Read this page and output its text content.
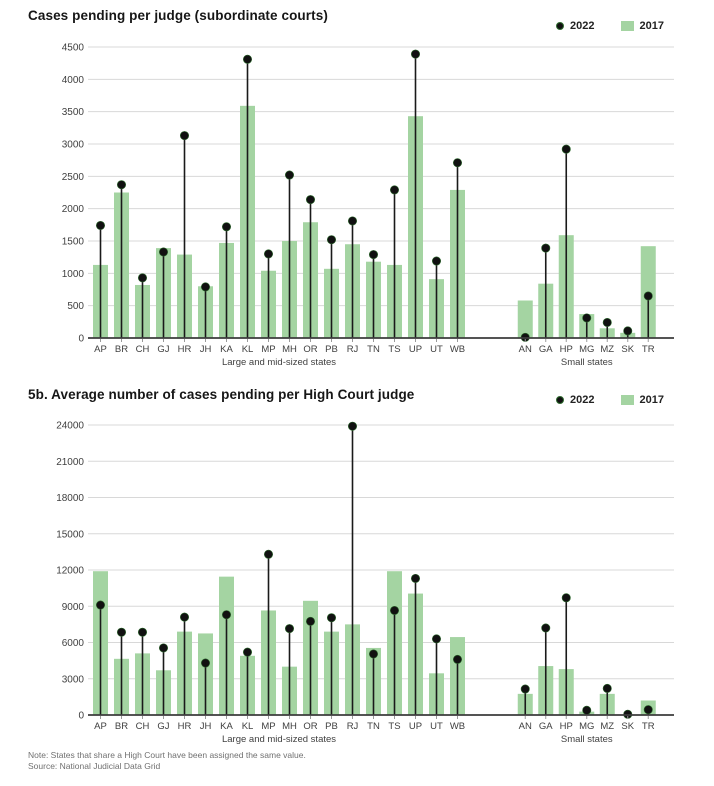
Cases pending per judge (subordinate courts)
2022	2017
0
500
1000
1500
2000
2500
3000
3500
4000
4500
AP BR CH GJ HR JH KA KL MP MH OR PB RJ TN TS UP UT WB
Large and mid-sized states
AN GA HP MG MZ SK TR
Small states
5b. Average number of cases pending per High Court judge	2022	2017
0
3000
6000
9000
12000
15000
18000
21000
24000
AP BR CH GJ HR JH KA KL MP MH OR PB RJ TN TS UP UT WB
Large and mid-sized states
AN GA HP MG MZ SK TR
Small states
Note: States that share a High Court have been assigned the same value.
Source: National Judicial Data Grid
